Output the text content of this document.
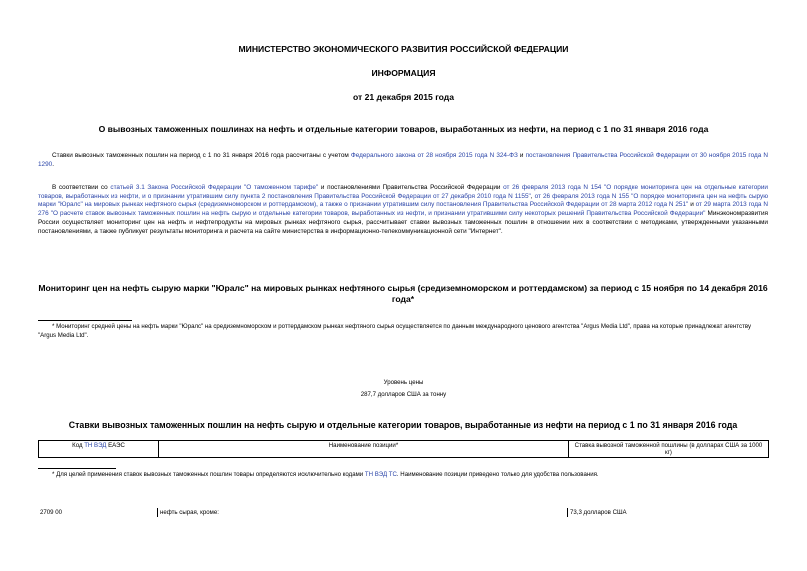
МИНИСТЕРСТВО ЭКОНОМИЧЕСКОГО РАЗВИТИЯ РОССИЙСКОЙ ФЕДЕРАЦИИ
ИНФОРМАЦИЯ
от 21 декабря 2015 года
О вывозных таможенных пошлинах на нефть и отдельные категории товаров, выработанных из нефти, на период с 1 по 31 января 2016 года
Ставки вывозных таможенных пошлин на период с 1 по 31 января 2016 года рассчитаны с учетом Федерального закона от 28 ноября 2015 года N 324-ФЗ и постановления Правительства Российской Федерации от 30 ноября 2015 года N 1290.
В соответствии со статьей 3.1 Закона Российской Федерации "О таможенном тарифе" и постановлениями Правительства Российской Федерации от 26 февраля 2013 года N 154 "О порядке мониторинга цен на отдельные категории товаров, выработанных из нефти, и о признании утратившим силу пункта 2 постановления Правительства Российской Федерации от 27 декабря 2010 года N 1155", от 26 февраля 2013 года N 155 "О порядке мониторинга цен на нефть сырую марки "Юралс" на мировых рынках нефтяного сырья (средиземноморском и роттердамском), а также о признании утратившим силу постановления Правительства Российской Федерации от 28 марта 2012 года N 251" и от 29 марта 2013 года N 276 "О расчете ставок вывозных таможенных пошлин на нефть сырую и отдельные категории товаров, выработанных из нефти, и признании утратившими силу некоторых решений Правительства Российской Федерации" Минэкономразвития России осуществляет мониторинг цен на нефть и нефтепродукты на мировых рынках нефтяного сырья, рассчитывает ставки вывозных таможенных пошлин в отношении них в соответствии с методиками, утвержденными указанными постановлениями, а также публикует результаты мониторинга и расчета на сайте министерства в информационно-телекоммуникационной сети "Интернет".
Мониторинг цен на нефть сырую марки "Юралс" на мировых рынках нефтяного сырья (средиземноморском и роттердамском) за период с 15 ноября по 14 декабря 2016 года*
* Мониторинг средней цены на нефть марки "Юралс" на средиземноморском и роттердамском рынках нефтяного сырья осуществляется по данным международного ценового агентства "Argus Media Ltd", права на которые принадлежат агентству "Argus Media Ltd".
Уровень цены
287,7 долларов США за тонну
Ставки вывозных таможенных пошлин на нефть сырую и отдельные категории товаров, выработанные из нефти на период с 1 по 31 января 2016 года
Код ТН ВЭД ЕАЭС	Наименование позиции*	Ставка вывозной таможенной пошлины (в долларах США за 1000 кг)
* Для целей применения ставок вывозных таможенных пошлин товары определяются исключительно кодами ТН ВЭД ТС. Наименование позиции приведено только для удобства пользования.
2709 00	нефть сырая, кроме:	73,3 долларов США
